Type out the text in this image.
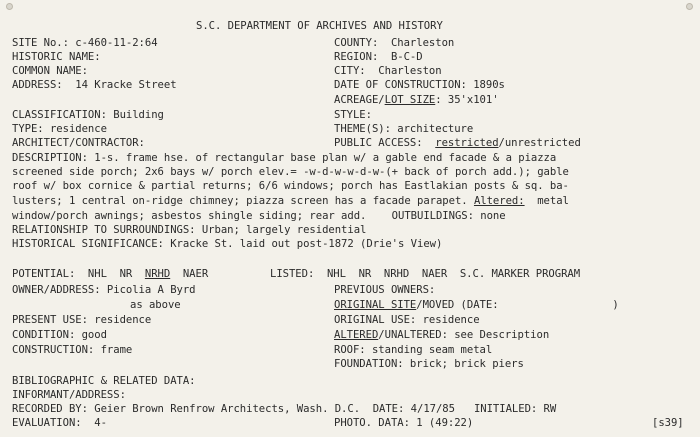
S.C. DEPARTMENT OF ARCHIVES AND HISTORY
SITE No.: c-460-11-2:64
HISTORIC NAME:
COMMON NAME:
ADDRESS:  14 Kracke Street
CLASSIFICATION: Building
TYPE: residence
ARCHITECT/CONTRACTOR:
COUNTY:  Charleston
REGION:  B-C-D
CITY:  Charleston
DATE OF CONSTRUCTION: 1890s
ACREAGE/LOT SIZE: 35'x101'
STYLE:
THEME(S): architecture
PUBLIC ACCESS:  restricted/unrestricted
DESCRIPTION: 1-s. frame hse. of rectangular base plan w/ a gable end facade & a piazza
screened side porch; 2x6 bays w/ porch elev.= -w-d-w-w-d-w-(+ back of porch add.); gable
roof w/ box cornice & partial returns; 6/6 windows; porch has Eastlakian posts & sq. ba-
lusters; 1 central on-ridge chimney; piazza screen has a facade parapet. Altered:  metal
window/porch awnings; asbestos shingle siding; rear add.    OUTBUILDINGS: none
RELATIONSHIP TO SURROUNDINGS: Urban; largely residential
HISTORICAL SIGNIFICANCE: Kracke St. laid out post-1872 (Drie's View)
POTENTIAL:  NHL  NR  NRHD  NAER
OWNER/ADDRESS: Picolia A Byrd
as above
PRESENT USE: residence
CONDITION: good
CONSTRUCTION: frame
LISTED:  NHL  NR  NRHD  NAER  S.C. MARKER PROGRAM
PREVIOUS OWNERS:
ORIGINAL SITE/MOVED (DATE:                  )
ORIGINAL USE: residence
ALTERED/UNALTERED: see Description
ROOF: standing seam metal
FOUNDATION: brick; brick piers
BIBLIOGRAPHIC & RELATED DATA:
INFORMANT/ADDRESS:
RECORDED BY: Geier Brown Renfrow Architects, Wash. D.C.  DATE: 4/17/85   INITIALED: RW
EVALUATION:  4-	PHOTO. DATA: 1 (49:22)	[s39]
